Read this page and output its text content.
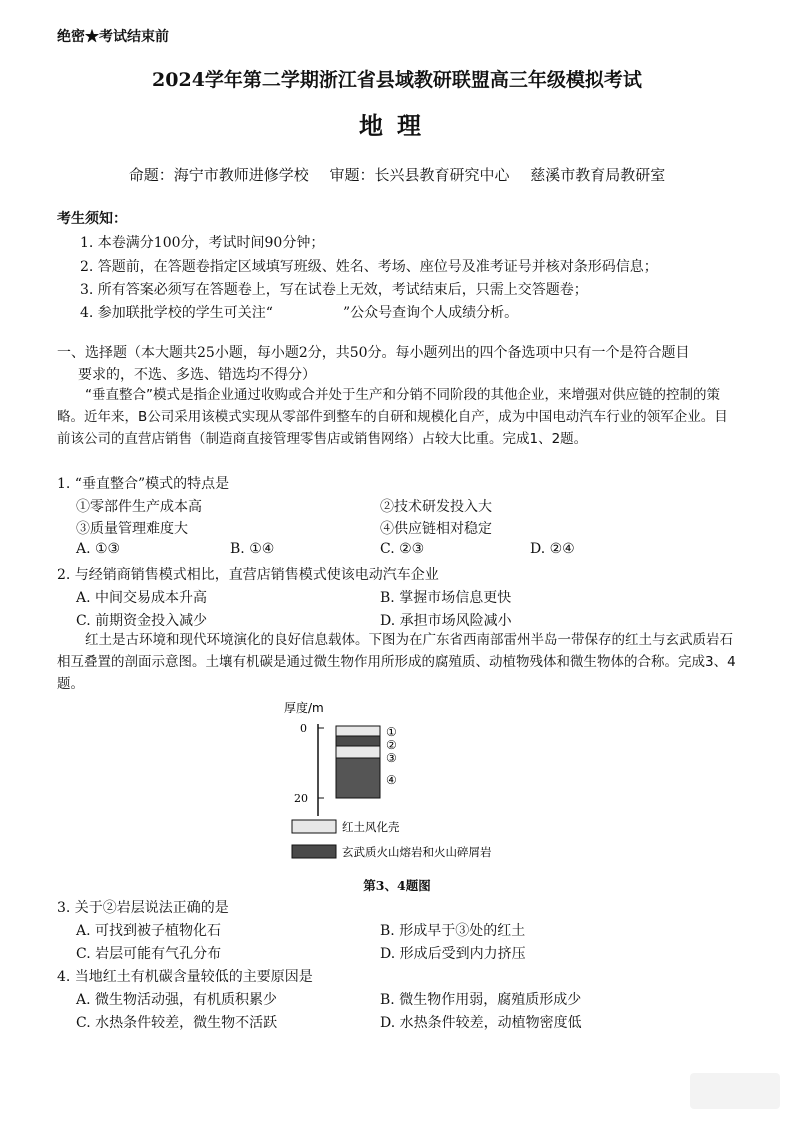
绝密★考试结束前
2024学年第二学期浙江省县域教研联盟高三年级模拟考试
地理
命题：海宁市教师进修学校 审题：长兴县教育研究中心 慈溪市教育局教研室
考生须知：
1. 本卷满分100分，考试时间90分钟；
2. 答题前，在答题卷指定区域填写班级、姓名、考场、座位号及准考证号并核对条形码信息；
3. 所有答案必须写在答题卷上，写在试卷上无效，考试结束后，只需上交答题卷；
4. 参加联批学校的学生可关注“　　　　　”公众号查询个人成绩分析。
一、选择题（本大题共25小题，每小题2分，共50分。每小题列出的四个备选项中只有一个是符合题目
要求的，不选、多选、错选均不得分）
“垂直整合”模式是指企业通过收购或合并处于生产和分销不同阶段的其他企业，来增强对供应链的控制的策略。近年来，B公司采用该模式实现从零部件到整车的自研和规模化自产，成为中国电动汽车行业的领军企业。目前该公司的直营店销售（制造商直接管理零售店或销售网络）占较大比重。完成1、2题。
1. “垂直整合”模式的特点是
①零部件生产成本高	②技术研发投入大
③质量管理难度大	④供应链相对稳定
A. ①③	B. ①④	C. ②③	D. ②④
2. 与经销商销售模式相比，直营店销售模式使该电动汽车企业
A. 中间交易成本升高	B. 掌握市场信息更快
C. 前期资金投入减少	D. 承担市场风险减小
红土是古环境和现代环境演化的良好信息载体。下图为在广东省西南部雷州半岛一带保存的红土与玄武质岩石相互叠置的剖面示意图。土壤有机碳是通过微生物作用所形成的腐殖质、动植物残体和微生物体的合称。完成3、4题。
厚度/m
0
20
①
②
③
④
红土风化壳
玄武质火山熔岩和火山碎屑岩
第3、4题图
3. 关于②岩层说法正确的是
A. 可找到被子植物化石	B. 形成早于③处的红土
C. 岩层可能有气孔分布	D. 形成后受到内力挤压
4. 当地红土有机碳含量较低的主要原因是
A. 微生物活动强，有机质积累少	B. 微生物作用弱，腐殖质形成少
C. 水热条件较差，微生物不活跃	D. 水热条件较差，动植物密度低
